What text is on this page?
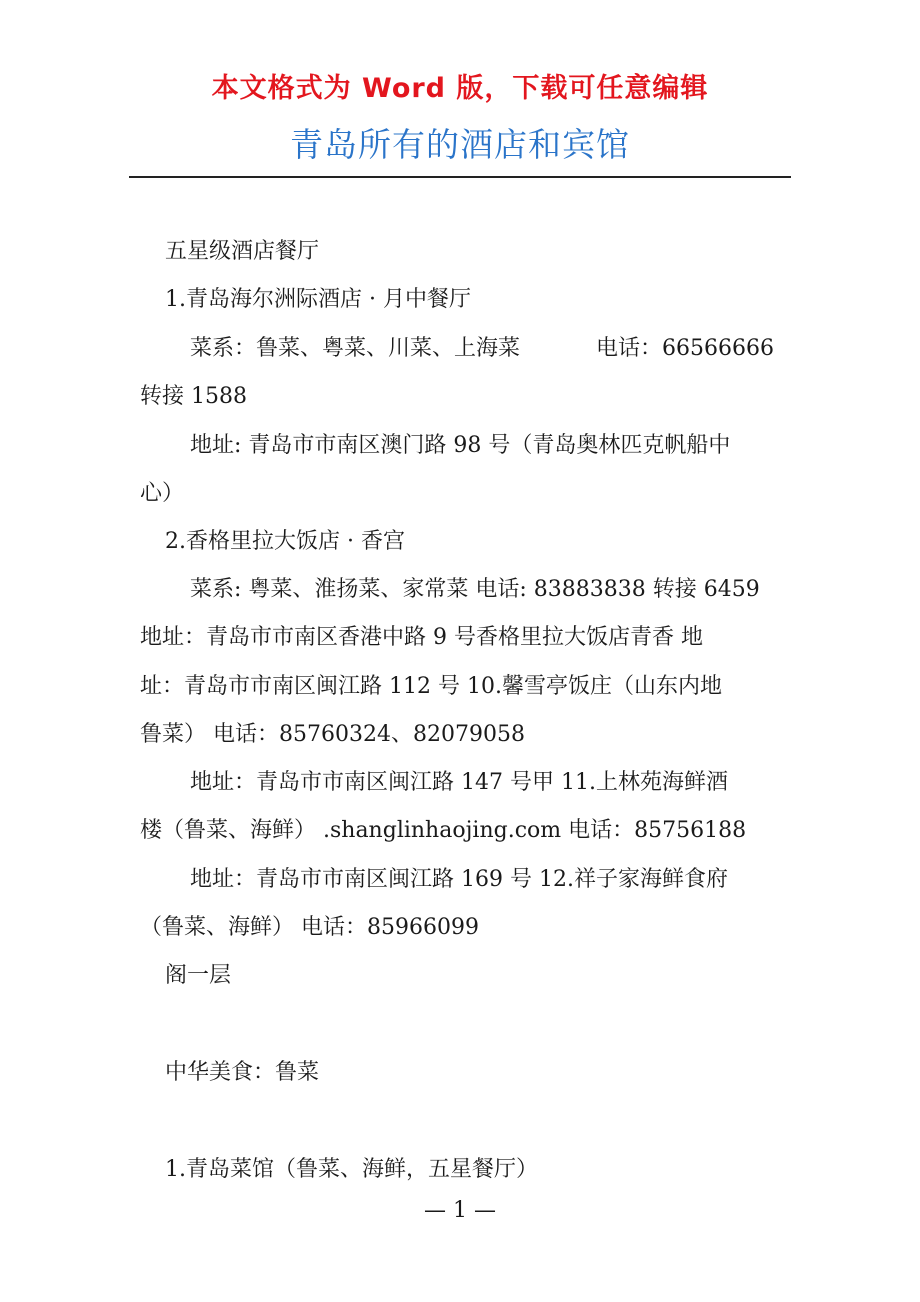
本文格式为 Word 版，下载可任意编辑
青岛所有的酒店和宾馆
五星级酒店餐厅
1.青岛海尔洲际酒店 · 月中餐厅
菜系：鲁菜、粤菜、川菜、上海菜	电话：66566666
转接 1588
地址: 青岛市市南区澳门路 98 号（青岛奥林匹克帆船中
心）
2.香格里拉大饭店 · 香宫
菜系: 粤菜、淮扬菜、家常菜 电话: 83883838 转接 6459
地址：青岛市市南区香港中路 9 号香格里拉大饭店青香 地
址：青岛市市南区闽江路 112 号 10.馨雪亭饭庄（山东内地
鲁菜） 电话：85760324、82079058
地址：青岛市市南区闽江路 147 号甲 11.上林苑海鲜酒
楼（鲁菜、海鲜） .shanglinhaojing.com 电话：85756188
地址：青岛市市南区闽江路 169 号 12.祥子家海鲜食府
（鲁菜、海鲜） 电话：85966099
阁一层
中华美食：鲁菜
1.青岛菜馆（鲁菜、海鲜，五星餐厅）
— 1 —
